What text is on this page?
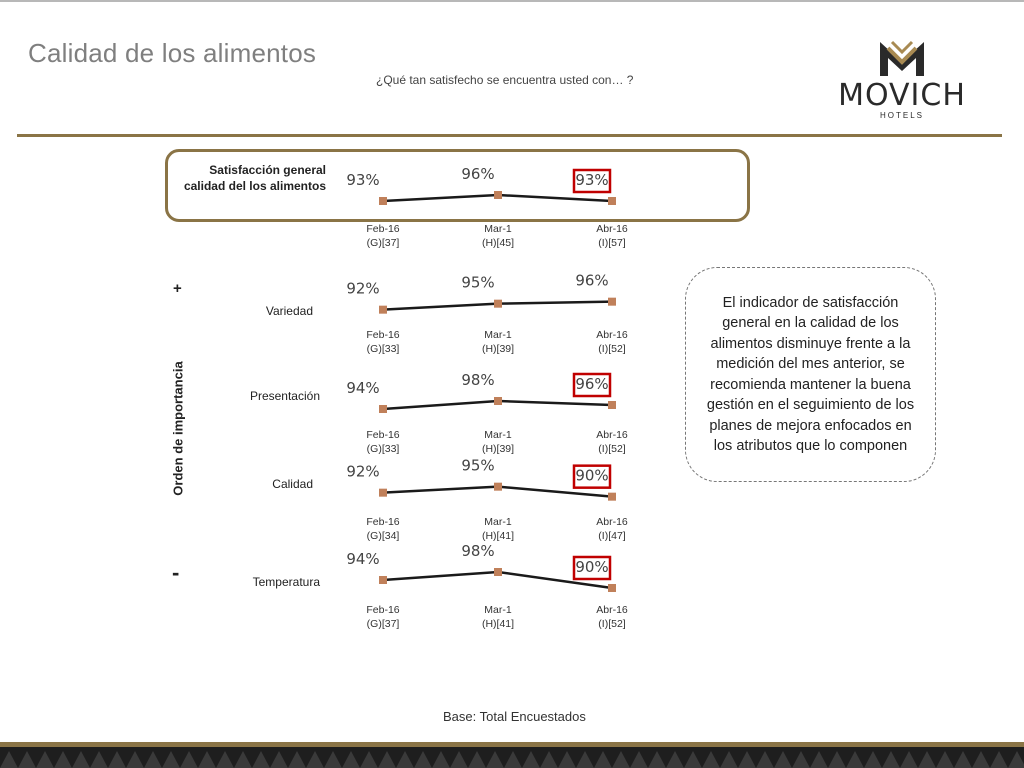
Calidad de los alimentos
¿Qué tan satisfecho se encuentra usted con… ?	MOVICH
HOTELS
Satisfacción general
calidad del los alimentos
Variedad
Presentación
Calidad
Temperatura
Orden de importancia
+
-
93%
Feb-16
(G)[37]
96%
Mar-1
(H)[45]
93%
Abr-16
(I)[57]
92%
Feb-16
(G)[33]
95%
Mar-1
(H)[39]
96%
Abr-16
(I)[52]
94%
Feb-16
(G)[33]
98%
Mar-1
(H)[39]
96%
Abr-16
(I)[52]
92%
Feb-16
(G)[34]
95%
Mar-1
(H)[41]
90%
Abr-16
(I)[47]
94%
Feb-16
(G)[37]
98%
Mar-1
(H)[41]
90%
Abr-16
(I)[52]
El indicador de satisfacción general en la calidad de los alimentos disminuye frente a la medición del mes anterior, se recomienda mantener la buena gestión en el seguimiento de los planes de mejora enfocados en los atributos que lo componen
Base: Total Encuestados
